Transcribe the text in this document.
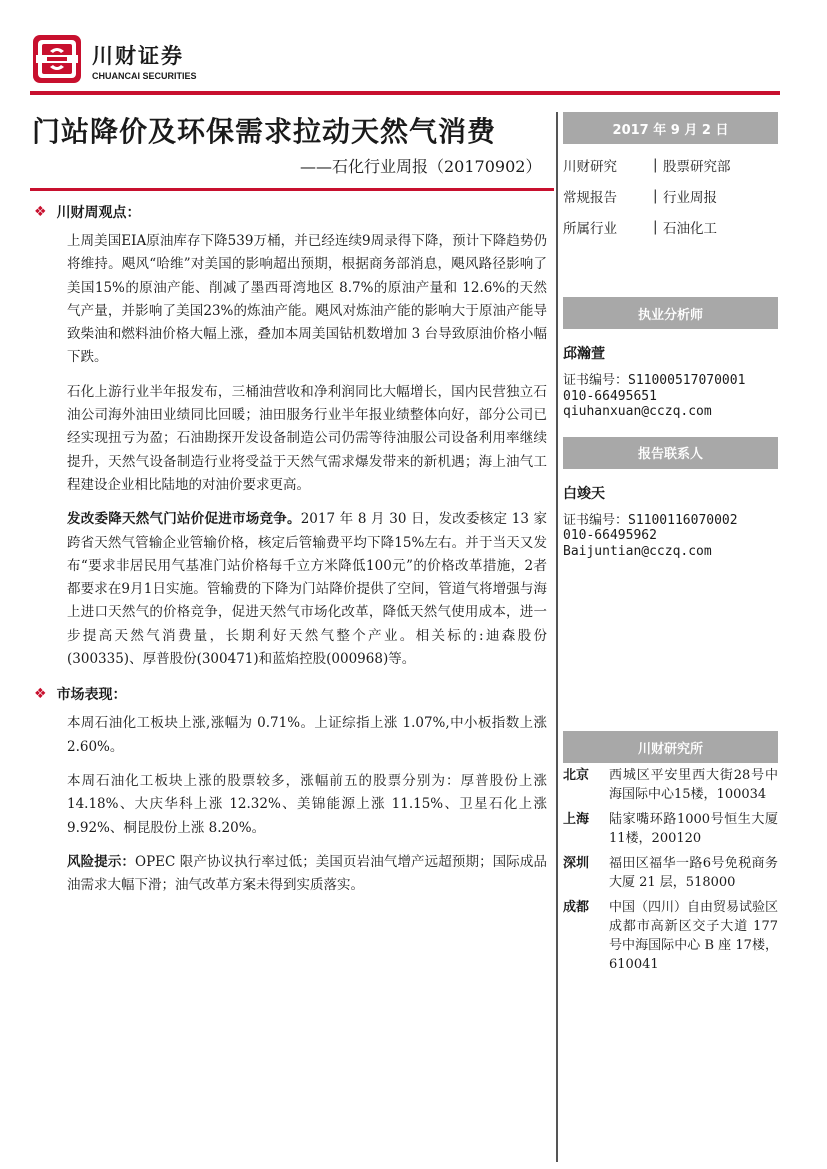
川财证券
CHUANCAI SECURITIES
门站降价及环保需求拉动天然气消费
——石化行业周报（20170902）
❖ 川财周观点：

上周美国EIA原油库存下降539万桶，并已经连续9周录得下降，预计下降趋势仍将维持。飓风“哈维”对美国的影响超出预期，根据商务部消息，飓风路径影响了美国15%的原油产能、削减了墨西哥湾地区 8.7%的原油产量和 12.6%的天然气产量，并影响了美国23%的炼油产能。飓风对炼油产能的影响大于原油产能导致柴油和燃料油价格大幅上涨，叠加本周美国钻机数增加 3 台导致原油价格小幅下跌。

石化上游行业半年报发布，三桶油营收和净利润同比大幅增长，国内民营独立石油公司海外油田业绩同比回暖；油田服务行业半年报业绩整体向好，部分公司已经实现扭亏为盈；石油勘探开发设备制造公司仍需等待油服公司设备利用率继续提升，天然气设备制造行业将受益于天然气需求爆发带来的新机遇；海上油气工程建设企业相比陆地的对油价要求更高。

发改委降天然气门站价促进市场竞争。2017 年 8 月 30 日，发改委核定 13 家跨省天然气管输企业管输价格，核定后管输费平均下降15%左右。并于当天又发布“要求非居民用气基准门站价格每千立方米降低100元”的价格改革措施，2者都要求在9月1日实施。管输费的下降为门站降价提供了空间，管道气将增强与海上进口天然气的价格竞争，促进天然气市场化改革，降低天然气使用成本，进一步提高天然气消费量，长期利好天然气整个产业。相关标的:迪森股份(300335)、厚普股份(300471)和蓝焰控股(000968)等。

❖ 市场表现：

本周石油化工板块上涨,涨幅为 0.71%。上证综指上涨 1.07%,中小板指数上涨 2.60%。

本周石油化工板块上涨的股票较多，涨幅前五的股票分别为：厚普股份上涨 14.18%、大庆华科上涨 12.32%、美锦能源上涨 11.15%、卫星石化上涨 9.92%、桐昆股份上涨 8.20%。

风险提示：OPEC 限产协议执行率过低；美国页岩油气增产远超预期；国际成品油需求大幅下滑；油气改革方案未得到实质落实。

2017 年 9 月 2 日
川财研究	| 股票研究部
常规报告	| 行业周报
所属行业	| 石油化工
执业分析师
邱瀚萱
证书编号：S11000517070001
010-66495651
qiuhanxuan@cczq.com
报告联系人
白竣天
证书编号：S1100116070002
010-66495962
Baijuntian@cczq.com
川财研究所
北京	西城区平安里西大街28号中海国际中心15楼，100034
上海	陆家嘴环路1000号恒生大厦11楼，200120
深圳	福田区福华一路6号免税商务大厦 21 层，518000
成都	中国（四川）自由贸易试验区成都市高新区交子大道 177 号中海国际中心 B 座 17楼，610041
